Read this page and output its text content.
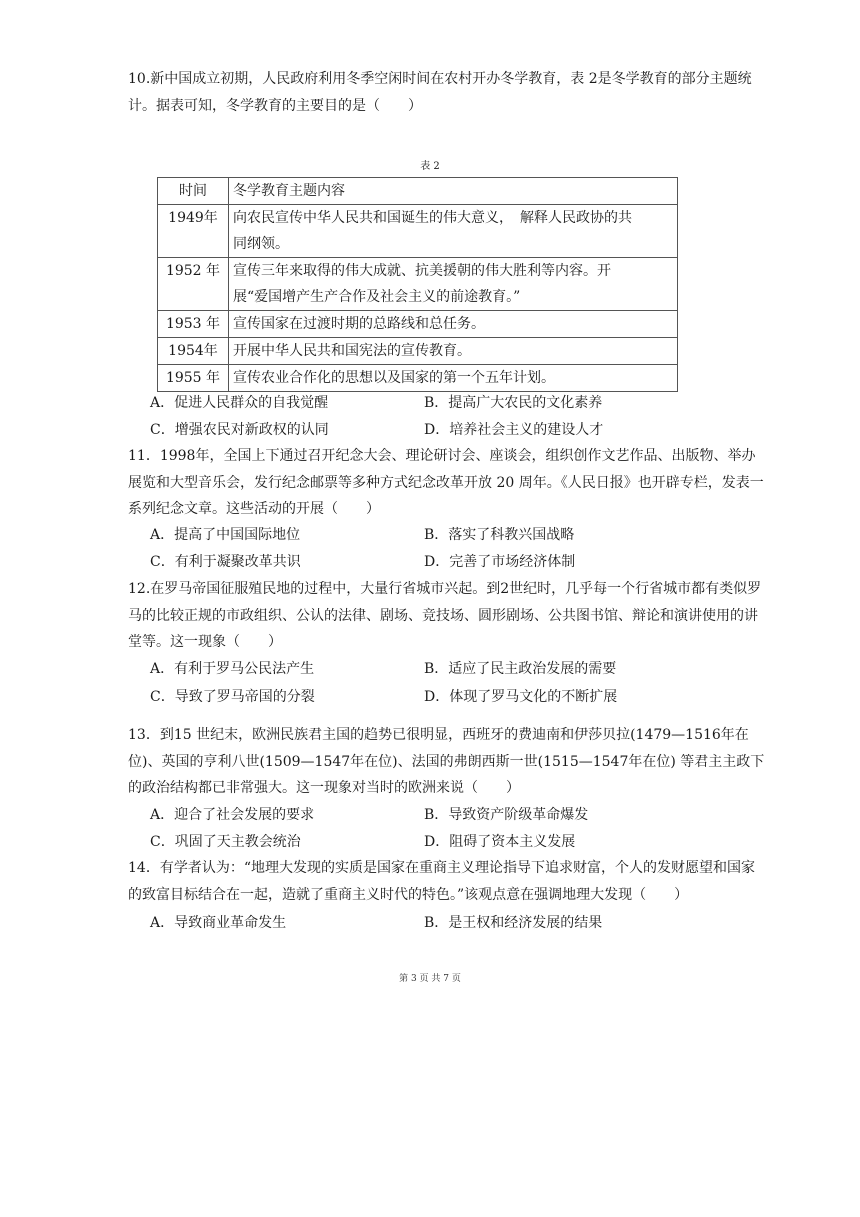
10.新中国成立初期，人民政府利用冬季空闲时间在农村开办冬学教育，表 2是冬学教育的部分主题统计。据表可知，冬学教育的主要目的是（　　）

表 2
时间	冬学教育主题内容
1949年	向农民宣传中华人民共和国诞生的伟大意义，　解释人民政协的共同纲领。
1952 年	宣传三年来取得的伟大成就、抗美援朝的伟大胜利等内容。开展“爱国增产生产合作及社会主义的前途教育。”
1953 年	宣传国家在过渡时期的总路线和总任务。
1954年	开展中华人民共和国宪法的宣传教育。
1955 年	宣传农业合作化的思想以及国家的第一个五年计划。
A．促进人民群众的自我觉醒	B．提高广大农民的文化素养
C．增强农民对新政权的认同	D．培养社会主义的建设人才

11．1998年，全国上下通过召开纪念大会、理论研讨会、座谈会，组织创作文艺作品、出版物、举办展览和大型音乐会，发行纪念邮票等多种方式纪念改革开放 20 周年。《人民日报》也开辟专栏，发表一系列纪念文章。这些活动的开展（　　）

A．提高了中国国际地位	B．落实了科教兴国战略
C．有利于凝聚改革共识	D．完善了市场经济体制

12.在罗马帝国征服殖民地的过程中，大量行省城市兴起。到2世纪时，几乎每一个行省城市都有类似罗马的比较正规的市政组织、公认的法律、剧场、竞技场、圆形剧场、公共图书馆、辩论和演讲使用的讲堂等。这一现象（　　）

A．有利于罗马公民法产生	B．适应了民主政治发展的需要
C．导致了罗马帝国的分裂	D．体现了罗马文化的不断扩展

13．到15 世纪末，欧洲民族君主国的趋势已很明显，西班牙的费迪南和伊莎贝拉(1479—1516年在位)、英国的亨利八世(1509—1547年在位)、法国的弗朗西斯一世(1515—1547年在位) 等君主主政下的政治结构都已非常强大。这一现象对当时的欧洲来说（　　）

A．迎合了社会发展的要求	B．导致资产阶级革命爆发
C．巩固了天主教会统治	D．阻碍了资本主义发展

14．有学者认为：“地理大发现的实质是国家在重商主义理论指导下追求财富，个人的发财愿望和国家的致富目标结合在一起，造就了重商主义时代的特色。”该观点意在强调地理大发现（　　）

A．导致商业革命发生	B．是王权和经济发展的结果
第 3 页 共 7 页
